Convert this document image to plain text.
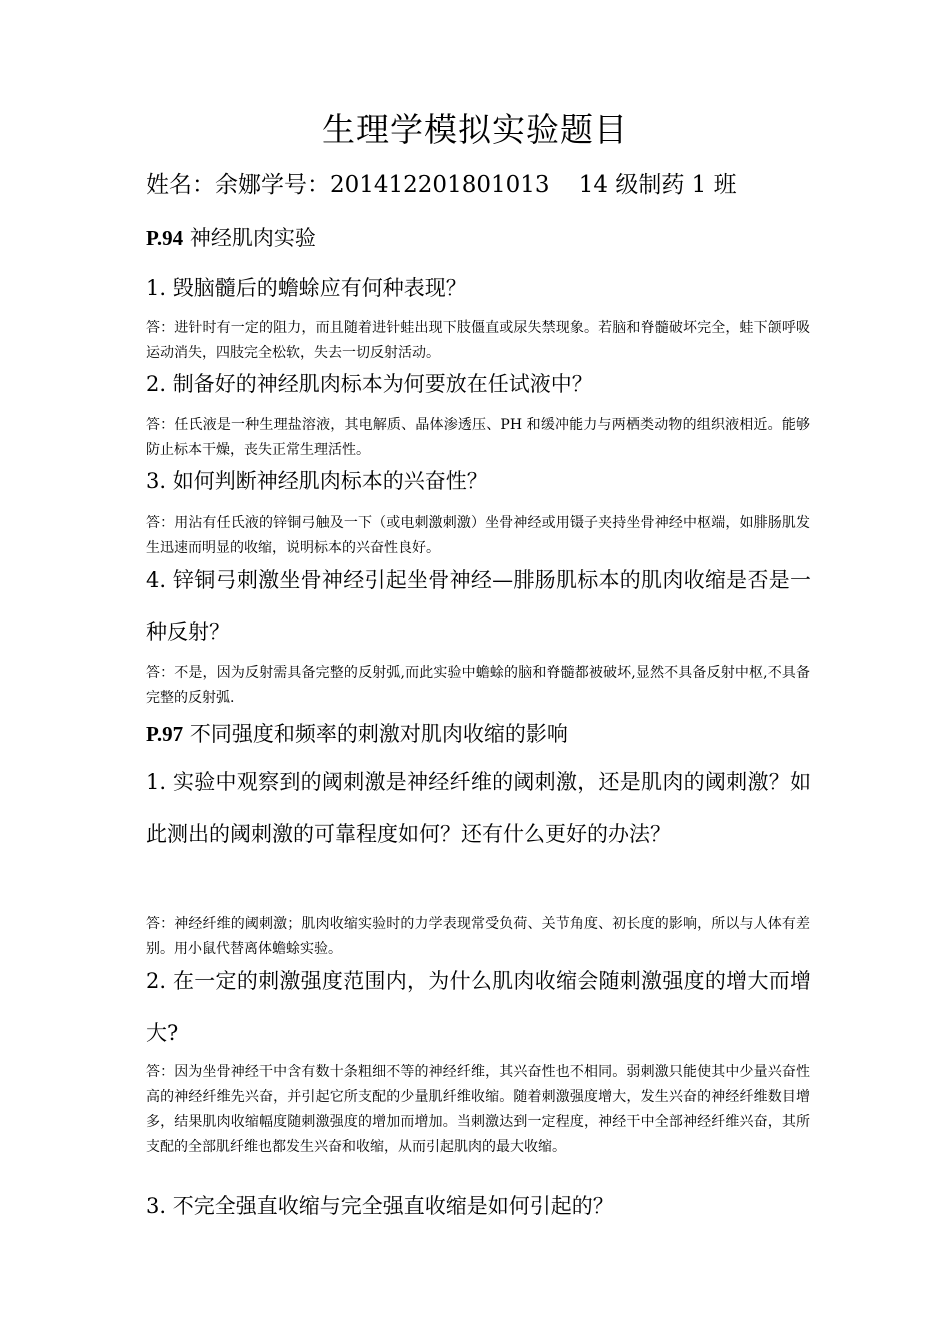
生理学模拟实验题目
姓名：余娜学号：201412201801013    14 级制药 1 班
P.94 神经肌肉实验
1. 毁脑髓后的蟾蜍应有何种表现？
答：进针时有一定的阻力，而且随着进针蛙出现下肢僵直或尿失禁现象。若脑和脊髓破坏完全，蛙下颌呼吸运动消失，四肢完全松软，失去一切反射活动。
2. 制备好的神经肌肉标本为何要放在任试液中？
答：任氏液是一种生理盐溶液，其电解质、晶体渗透压、PH 和缓冲能力与两栖类动物的组织液相近。能够防止标本干燥，丧失正常生理活性。
3. 如何判断神经肌肉标本的兴奋性？
答：用沾有任氏液的锌铜弓触及一下（或电刺激刺激）坐骨神经或用镊子夹持坐骨神经中枢端，如腓肠肌发生迅速而明显的收缩，说明标本的兴奋性良好。
4. 锌铜弓刺激坐骨神经引起坐骨神经—腓肠肌标本的肌肉收缩是否是一种反射？
答：不是，因为反射需具备完整的反射弧,而此实验中蟾蜍的脑和脊髓都被破坏,显然不具备反射中枢,不具备完整的反射弧.
P.97 不同强度和频率的刺激对肌肉收缩的影响
1. 实验中观察到的阈刺激是神经纤维的阈刺激，还是肌肉的阈刺激？如此测出的阈刺激的可靠程度如何？还有什么更好的办法？
答：神经纤维的阈刺激；肌肉收缩实验时的力学表现常受负荷、关节角度、初长度的影响，所以与人体有差别。用小鼠代替离体蟾蜍实验。
2. 在一定的刺激强度范围内，为什么肌肉收缩会随刺激强度的增大而增大?
答：因为坐骨神经干中含有数十条粗细不等的神经纤维，其兴奋性也不相同。弱刺激只能使其中少量兴奋性高的神经纤维先兴奋，并引起它所支配的少量肌纤维收缩。随着刺激强度增大，发生兴奋的神经纤维数目增多，结果肌肉收缩幅度随刺激强度的增加而增加。当刺激达到一定程度，神经干中全部神经纤维兴奋，其所支配的全部肌纤维也都发生兴奋和收缩，从而引起肌肉的最大收缩。
3. 不完全强直收缩与完全强直收缩是如何引起的？
